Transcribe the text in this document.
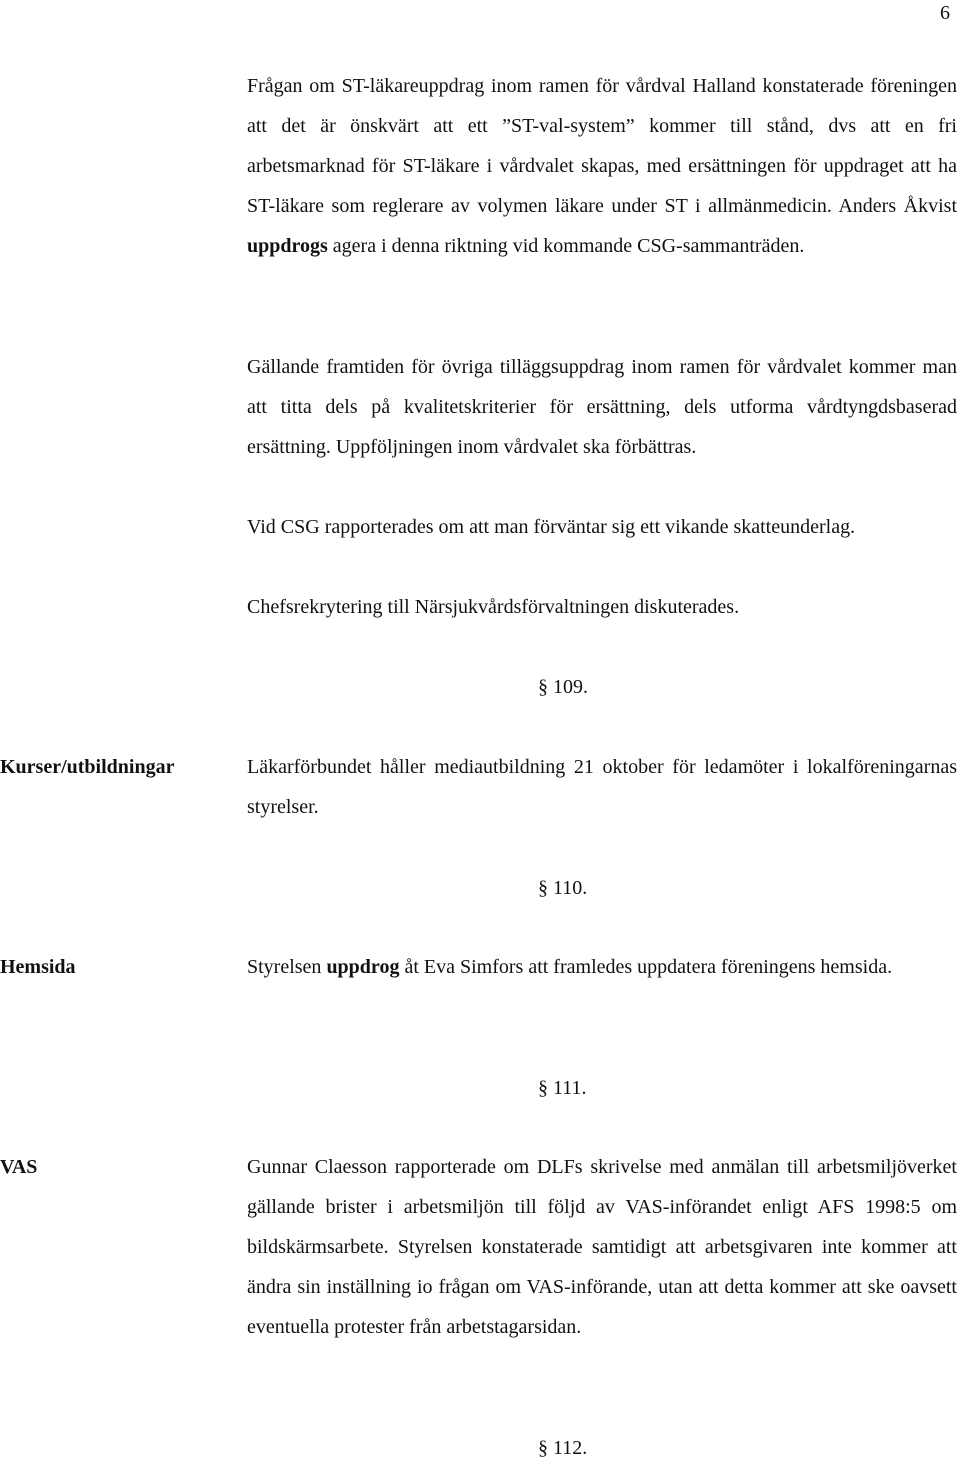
6

Frågan om ST-läkareuppdrag inom ramen för vårdval Halland konstaterade föreningen att det är önskvärt att ett ”ST-val-system” kommer till stånd, dvs att en fri arbetsmarknad för ST-läkare i vårdvalet skapas, med ersättningen för uppdraget att ha ST-läkare som reglerare av volymen läkare under ST i allmänmedicin. Anders Åkvist uppdrogs agera i denna riktning vid kommande CSG-sammanträden.

Gällande framtiden för övriga tilläggsuppdrag inom ramen för vårdvalet kommer man att titta dels på kvalitetskriterier för ersättning, dels utforma vårdtyngdsbaserad ersättning. Uppföljningen inom vårdvalet ska förbättras.

Vid CSG rapporterades om att man förväntar sig ett vikande skatteunderlag.

Chefsrekrytering till Närsjukvårdsförvaltningen diskuterades.

§ 109.

Kurser/utbildningar	Läkarförbundet håller mediautbildning 21 oktober för ledamöter i lokalföreningarnas styrelser.

§ 110.

Hemsida	Styrelsen uppdrog åt Eva Simfors att framledes uppdatera föreningens hemsida.

§ 111.

VAS	Gunnar Claesson rapporterade om DLFs skrivelse med anmälan till arbetsmiljöverket gällande brister i arbetsmiljön till följd av VAS-införandet enligt AFS 1998:5 om bildskärmsarbete. Styrelsen konstaterade samtidigt att arbetsgivaren inte kommer att ändra sin inställning io frågan om VAS-införande, utan att detta kommer att ske oavsett eventuella protester från arbetstagarsidan.

§ 112.
